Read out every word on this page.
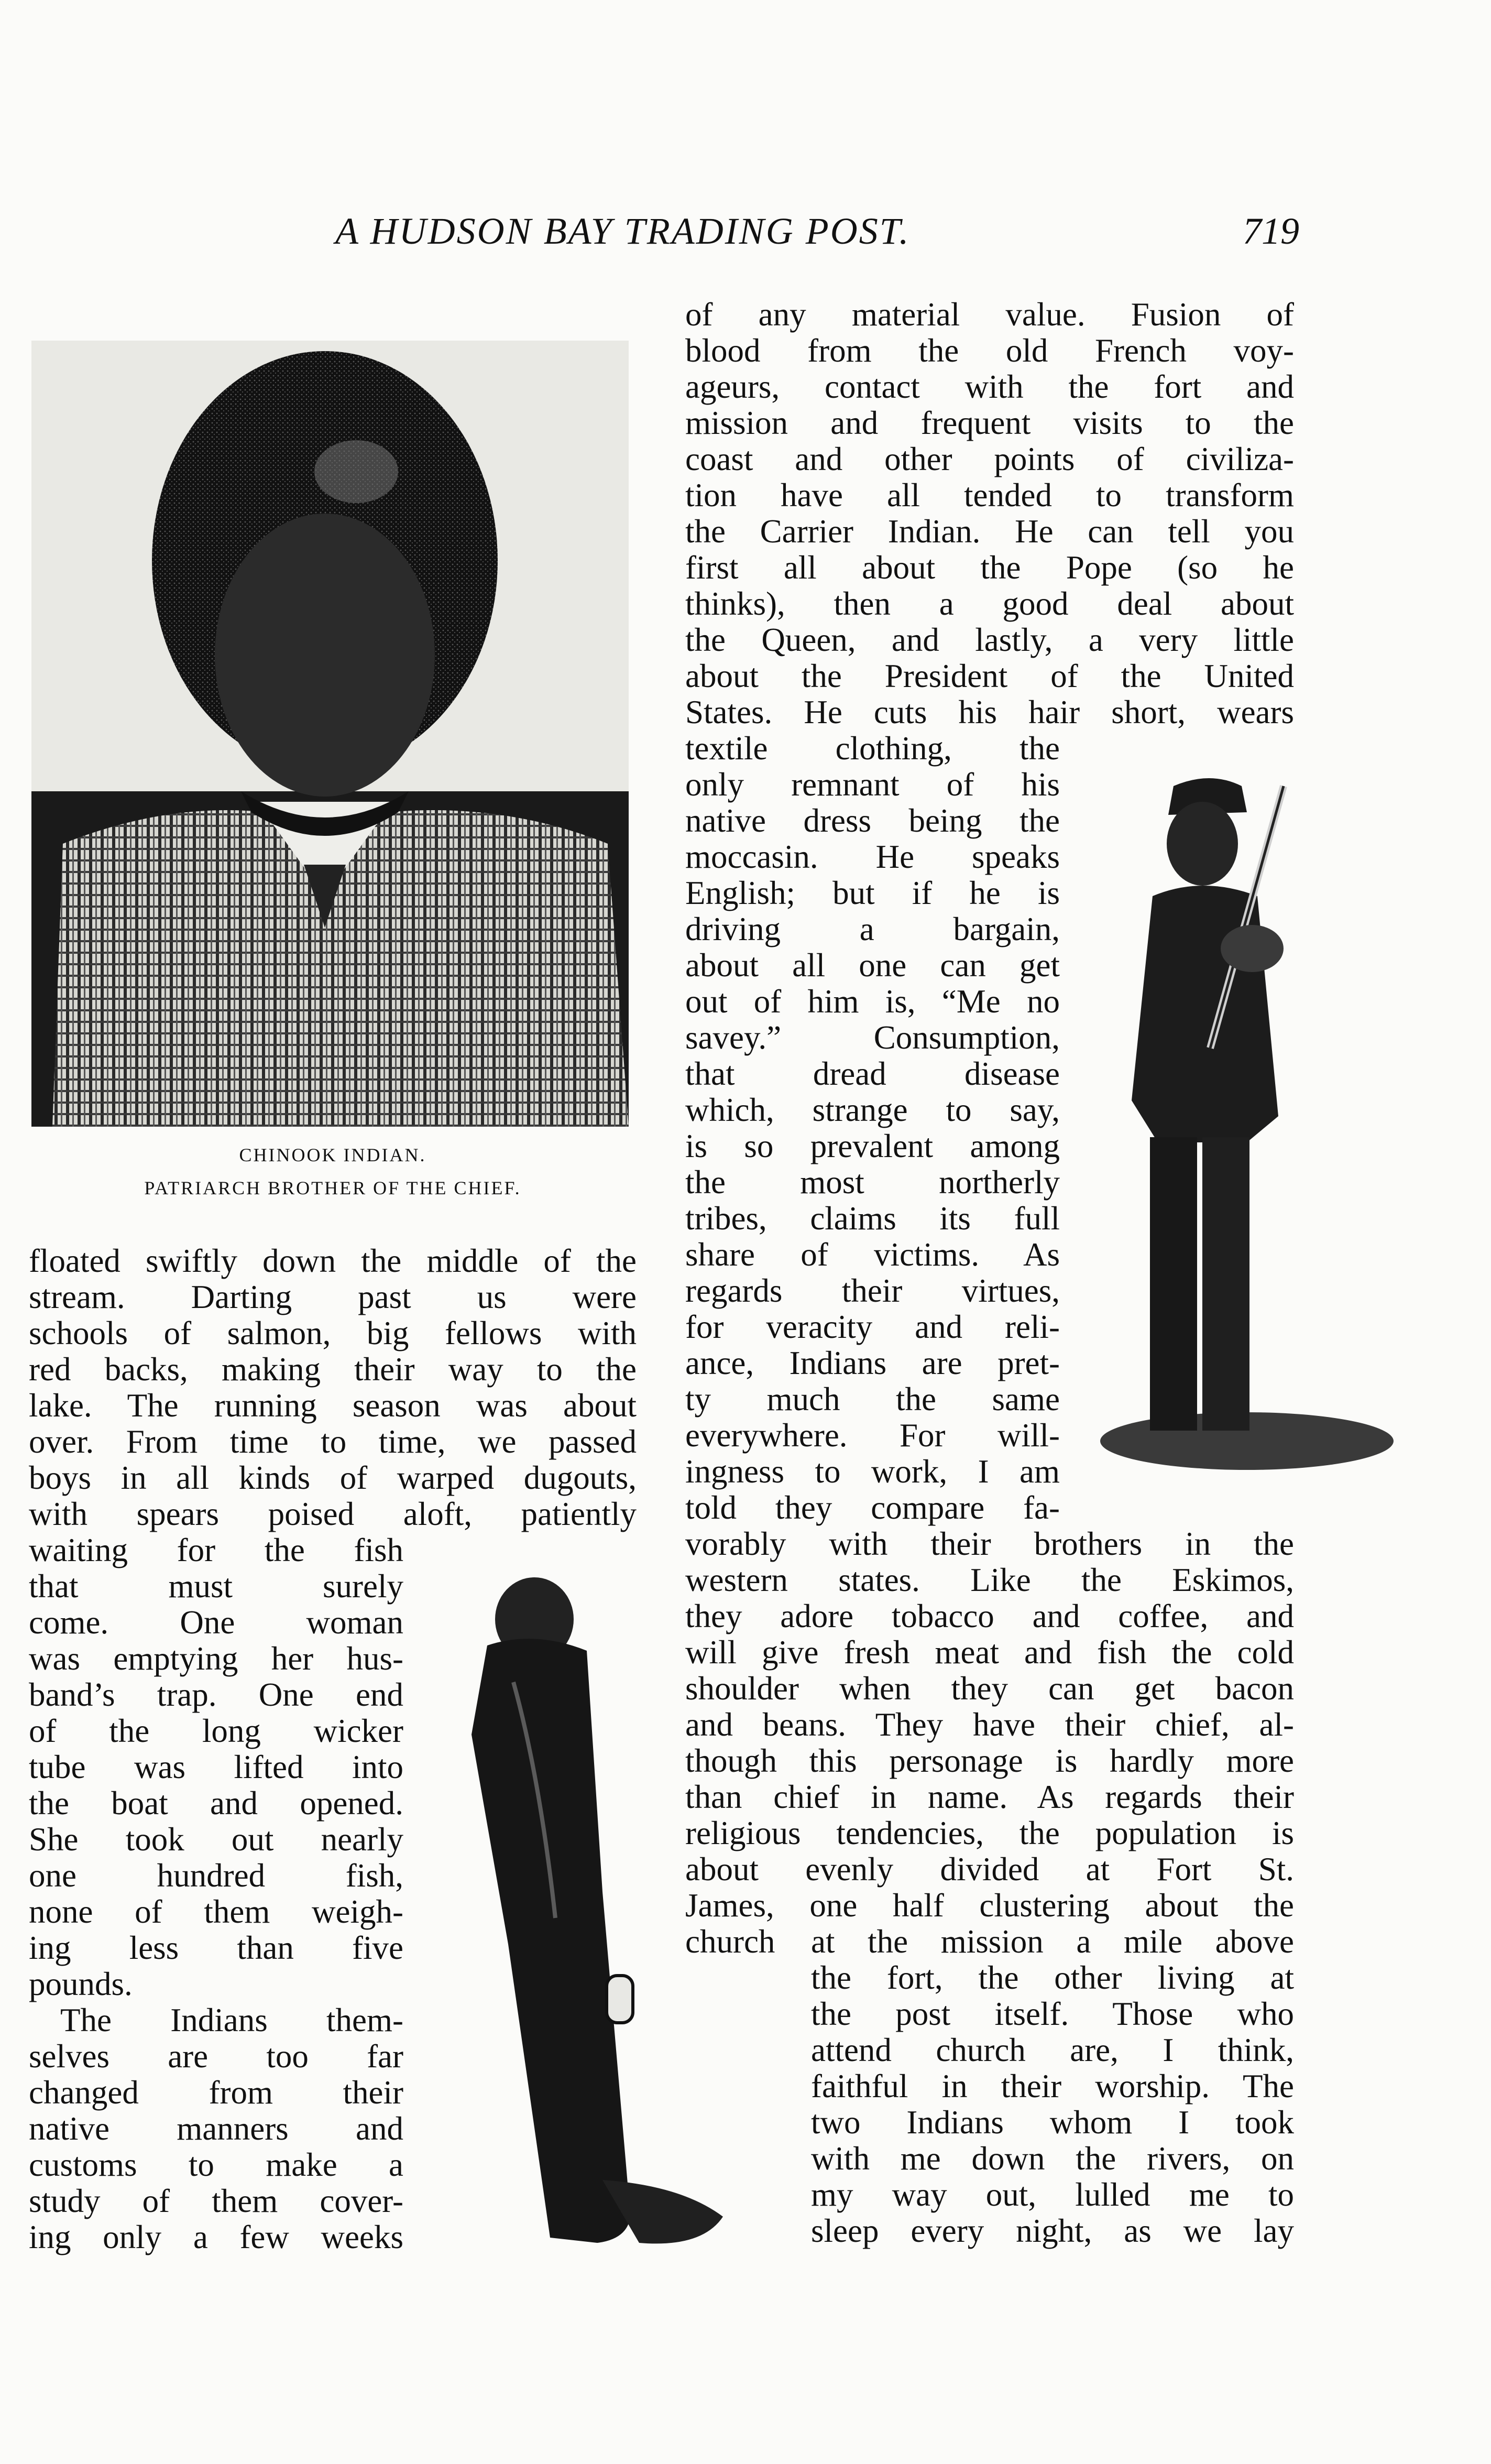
A HUDSON BAY TRADING POST.	719
CHINOOK INDIAN.
PATRIARCH BROTHER OF THE CHIEF.
of any material value. Fusion of
blood from the old French voy-
ageurs, contact with the fort and
mission and frequent visits to the
coast and other points of civiliza-
tion have all tended to transform
the Carrier Indian. He can tell you
first all about the Pope (so he
thinks), then a good deal about
the Queen, and lastly, a very little
about the President of the United
States. He cuts his hair short, wears
textile clothing, the
only remnant of his
native dress being the
moccasin. He speaks
English; but if he is
driving a bargain,
about all one can get
out of him is, “Me no
savey.” Consumption,
that dread disease
which, strange to say,
is so prevalent among
the most northerly
tribes, claims its full
share of victims. As
regards their virtues,
for veracity and reli-
ance, Indians are pret-
ty much the same
everywhere. For will-
ingness to work, I am
told they compare fa-
vorably with their brothers in the
western states. Like the Eskimos,
they adore tobacco and coffee, and
will give fresh meat and fish the cold
shoulder when they can get bacon
and beans. They have their chief, al-
though this personage is hardly more
than chief in name. As regards their
religious tendencies, the population is
about evenly divided at Fort St.
James, one half clustering about the
church	at the mission a mile above
the fort, the other living at
the post itself. Those who
attend church are, I think,
faithful in their worship. The
two Indians whom I took
with me down the rivers, on
my way out, lulled me to
sleep every night, as we lay
floated swiftly down the middle of the
stream. Darting past us were
schools of salmon, big fellows with
red backs, making their way to the
lake. The running season was about
over. From time to time, we passed
boys in all kinds of warped dugouts,
with spears poised aloft, patiently
waiting for the fish
that must surely
come. One woman
was emptying her hus-
band’s trap. One end
of the long wicker
tube was lifted into
the boat and opened.
She took out nearly
one hundred fish,
none of them weigh-
ing less than five
pounds.
The Indians them-
selves are too far
changed from their
native manners and
customs to make a
study of them cover-
ing only a few weeks
